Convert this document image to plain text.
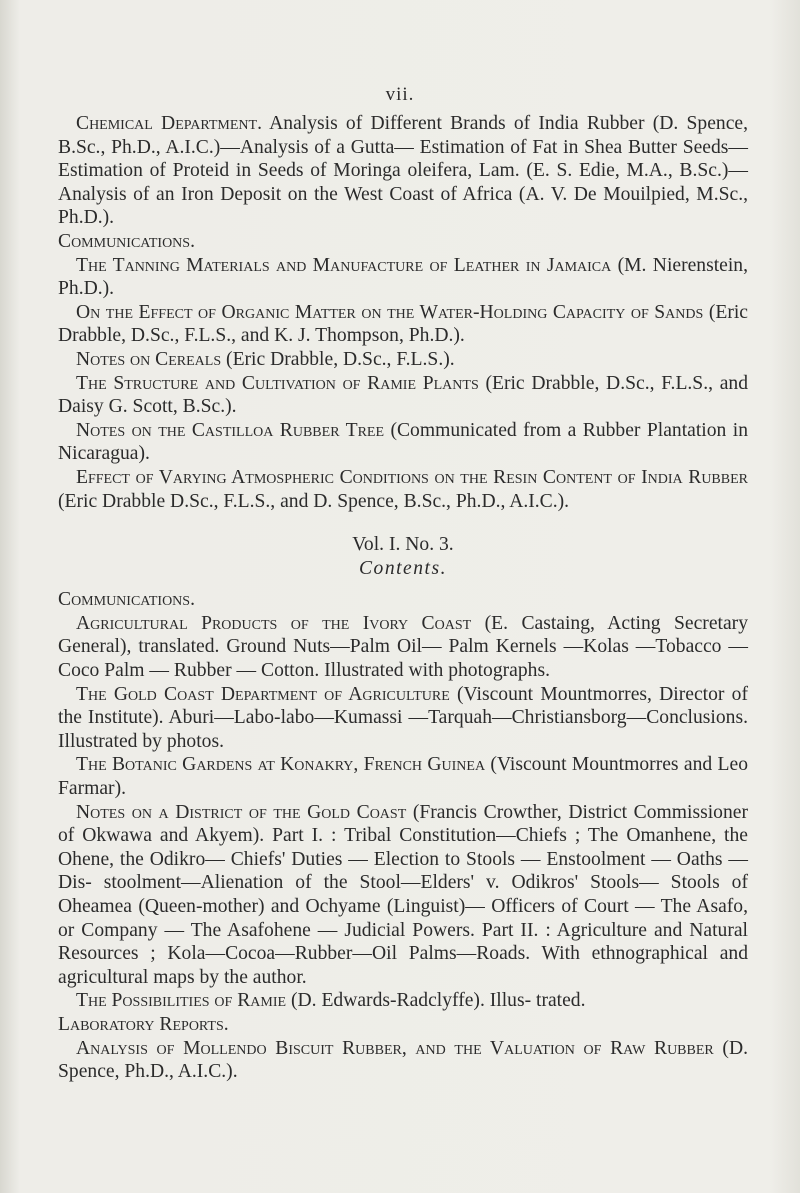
vii.

Chemical Department. Analysis of Different Brands of India Rubber (D. Spence, B.Sc., Ph.D., A.I.C.)—Analysis of a Gutta— Estimation of Fat in Shea Butter Seeds—Estimation of Proteid in Seeds of Moringa oleifera, Lam. (E. S. Edie, M.A., B.Sc.)—Analysis of an Iron Deposit on the West Coast of Africa (A. V. De Mouilpied, M.Sc., Ph.D.).

Communications.

The Tanning Materials and Manufacture of Leather in Jamaica (M. Nierenstein, Ph.D.).

On the Effect of Organic Matter on the Water-Holding Capacity of Sands (Eric Drabble, D.Sc., F.L.S., and K. J. Thompson, Ph.D.).

Notes on Cereals (Eric Drabble, D.Sc., F.L.S.).

The Structure and Cultivation of Ramie Plants (Eric Drabble, D.Sc., F.L.S., and Daisy G. Scott, B.Sc.).

Notes on the Castilloa Rubber Tree (Communicated from a Rubber Plantation in Nicaragua).

Effect of Varying Atmospheric Conditions on the Resin Content of India Rubber (Eric Drabble D.Sc., F.L.S., and D. Spence, B.Sc., Ph.D., A.I.C.).

Vol. I. No. 3.

Contents.

Communications.

Agricultural Products of the Ivory Coast (E. Castaing, Acting Secretary General), translated. Ground Nuts—Palm Oil— Palm Kernels —Kolas —Tobacco — Coco Palm — Rubber — Cotton. Illustrated with photographs.

The Gold Coast Department of Agriculture (Viscount Mountmorres, Director of the Institute). Aburi—Labo-labo—Kumassi —Tarquah—Christiansborg—Conclusions. Illustrated by photos.

The Botanic Gardens at Konakry, French Guinea (Viscount Mountmorres and Leo Farmar).

Notes on a District of the Gold Coast (Francis Crowther, District Commissioner of Okwawa and Akyem). Part I. : Tribal Constitution—Chiefs ; The Omanhene, the Ohene, the Odikro— Chiefs' Duties — Election to Stools — Enstoolment — Oaths — Dis- stoolment—Alienation of the Stool—Elders' v. Odikros' Stools— Stools of Oheamea (Queen-mother) and Ochyame (Linguist)— Officers of Court — The Asafo, or Company — The Asafohene — Judicial Powers. Part II. : Agriculture and Natural Resources ; Kola—Cocoa—Rubber—Oil Palms—Roads. With ethnographical and agricultural maps by the author.

The Possibilities of Ramie (D. Edwards-Radclyffe). Illus- trated.

Laboratory Reports.

Analysis of Mollendo Biscuit Rubber, and the Valuation of Raw Rubber (D. Spence, Ph.D., A.I.C.).
